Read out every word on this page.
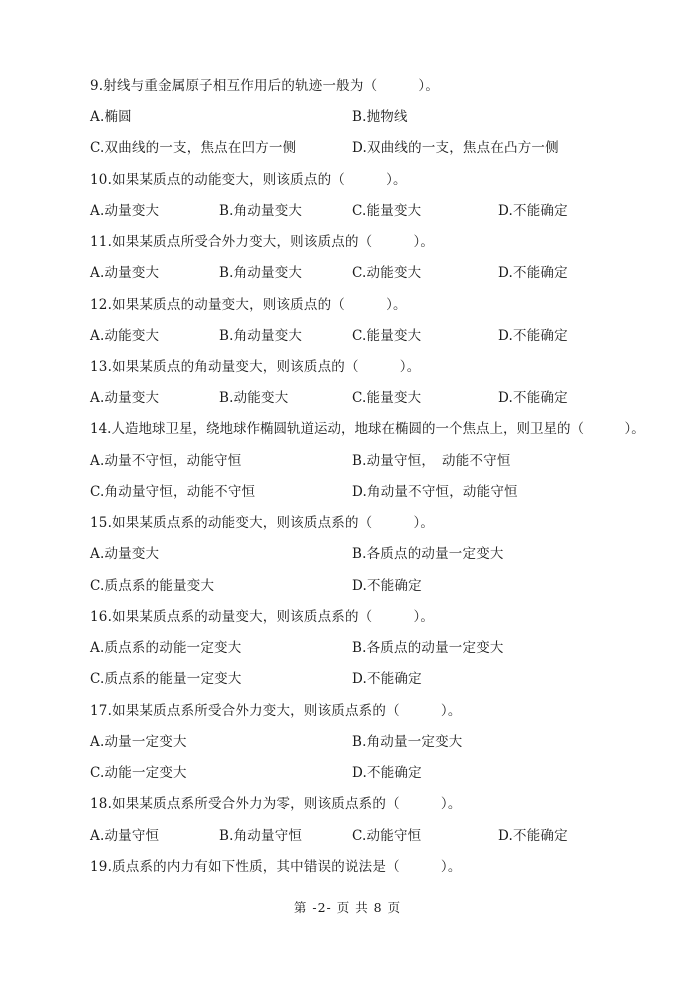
9.射线与重金属原子相互作用后的轨迹一般为（　　　）。
A.椭圆	B.抛物线
C.双曲线的一支，焦点在凹方一侧	D.双曲线的一支，焦点在凸方一侧
10.如果某质点的动能变大，则该质点的（　　　）。
A.动量变大	B.角动量变大	C.能量变大	D.不能确定
11.如果某质点所受合外力变大，则该质点的（　　　）。
A.动量变大	B.角动量变大	C.动能变大	D.不能确定
12.如果某质点的动量变大，则该质点的（　　　）。
A.动能变大	B.角动量变大	C.能量变大	D.不能确定
13.如果某质点的角动量变大，则该质点的（　　　）。
A.动量变大	B.动能变大	C.能量变大	D.不能确定
14.人造地球卫星，绕地球作椭圆轨道运动，地球在椭圆的一个焦点上，则卫星的（　　　）。
A.动量不守恒，动能守恒	B.动量守恒，　动能不守恒
C.角动量守恒，动能不守恒	D.角动量不守恒，动能守恒
15.如果某质点系的动能变大，则该质点系的（　　　）。
A.动量变大	B.各质点的动量一定变大
C.质点系的能量变大	D.不能确定
16.如果某质点系的动量变大，则该质点系的（　　　）。
A.质点系的动能一定变大	B.各质点的动量一定变大
C.质点系的能量一定变大	D.不能确定
17.如果某质点系所受合外力变大，则该质点系的（　　　）。
A.动量一定变大	B.角动量一定变大
C.动能一定变大	D.不能确定
18.如果某质点系所受合外力为零，则该质点系的（　　　）。
A.动量守恒	B.角动量守恒	C.动能守恒	D.不能确定
19.质点系的内力有如下性质，其中错误的说法是（　　　）。
第 -2- 页 共 8 页
